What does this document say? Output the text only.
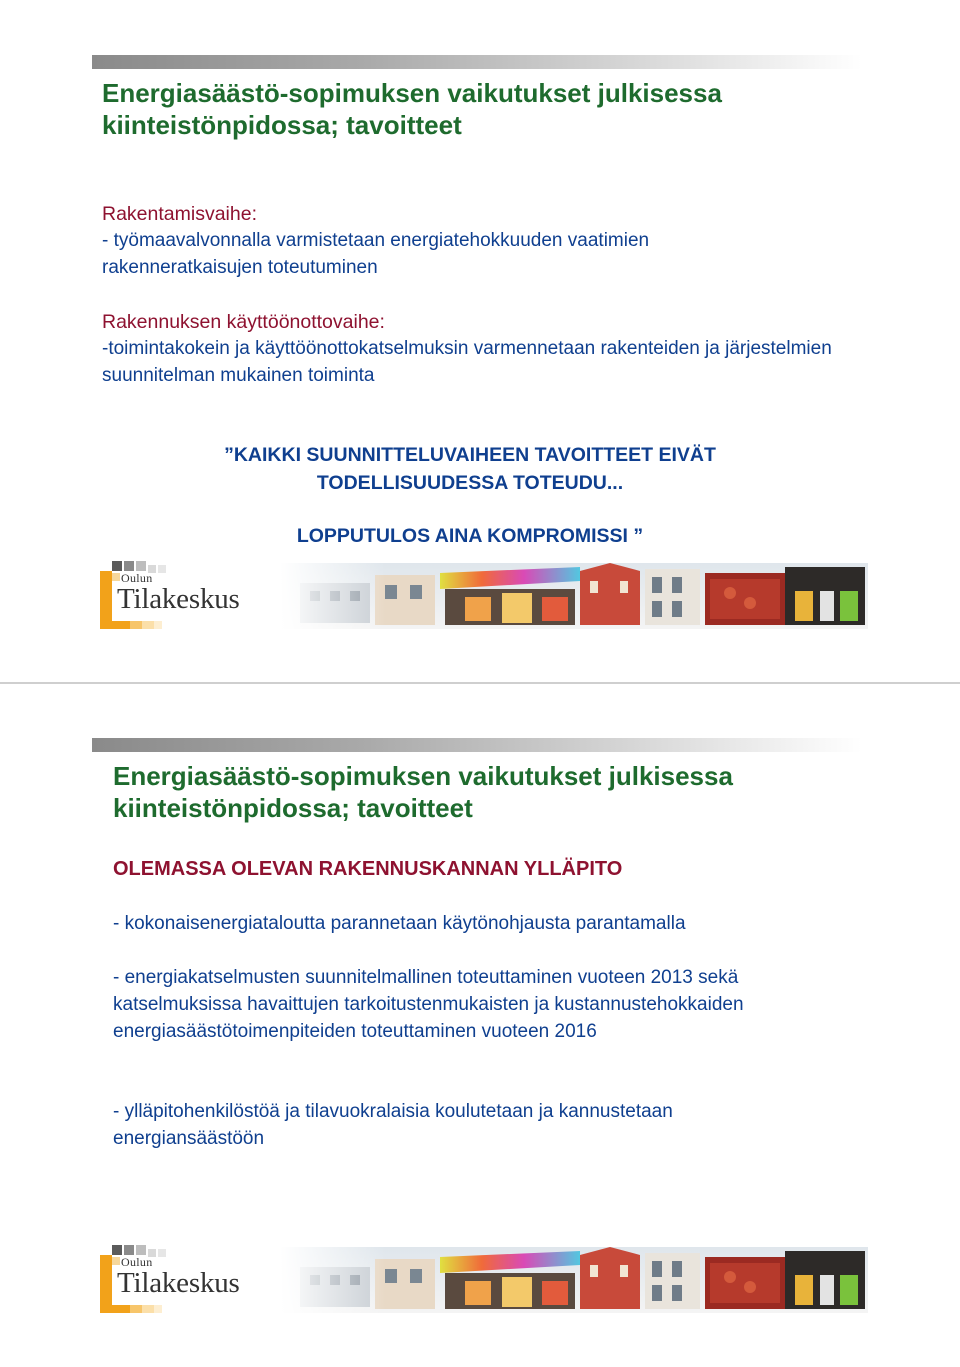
Energiasäästö-sopimuksen vaikutukset julkisessa kiinteistönpidossa; tavoitteet

Rakentamisvaihe:

- työmaavalvonnalla varmistetaan energiatehokkuuden vaatimien rakenneratkaisujen toteutuminen

Rakennuksen käyttöönottovaihe:

-toimintakokein ja käyttöönottokatselmuksin varmennetaan rakenteiden ja järjestelmien suunnitelman mukainen toiminta

”KAIKKI SUUNNITTELUVAIHEEN TAVOITTEET EIVÄT

TODELLISUUDESSA TOTEUDU...

LOPPUTULOS AINA KOMPROMISSI ”

Oulun
Tilakeskus
Energiasäästö-sopimuksen vaikutukset julkisessa kiinteistönpidossa; tavoitteet

OLEMASSA OLEVAN RAKENNUSKANNAN YLLÄPITO

- kokonaisenergiataloutta parannetaan käytönohjausta parantamalla

- energiakatselmusten suunnitelmallinen toteuttaminen vuoteen 2013 sekä katselmuksissa havaittujen tarkoitustenmukaisten ja kustannustehokkaiden energiasäästötoimenpiteiden toteuttaminen vuoteen 2016

- ylläpitohenkilöstöä ja tilavuokralaisia koulutetaan ja kannustetaan energiansäästöön

Oulun
Tilakeskus
